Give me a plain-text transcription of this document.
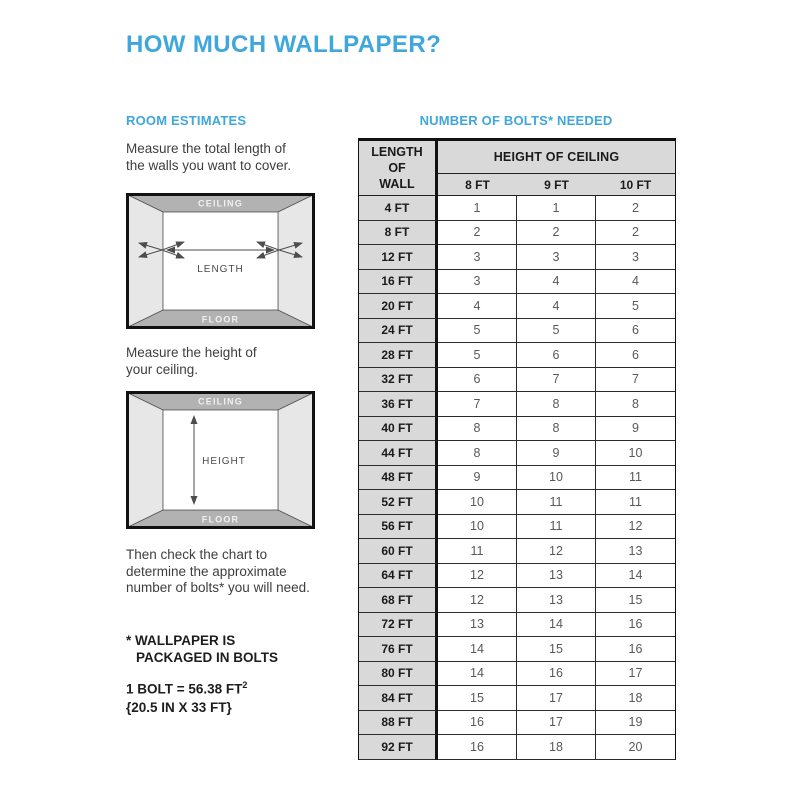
HOW MUCH WALLPAPER?
ROOM ESTIMATES
Measure the total length of
the walls you want to cover.
CEILING
FLOOR
LENGTH
Measure the height of
your ceiling.
CEILING
FLOOR
HEIGHT
Then check the chart to
determine the approximate
number of bolts* you will need.
* WALLPAPER IS
PACKAGED IN BOLTS
1 BOLT = 56.38 $FT^2$
{20.5 IN X 33 FT}
NUMBER OF BOLTS* NEEDED
LENGTH OF WALL
HEIGHT OF CEILING
8 FT	9 FT	10 FT
4 FT	1	1	2
8 FT	2	2	2
12 FT	3	3	3
16 FT	3	4	4
20 FT	4	4	5
24 FT	5	5	6
28 FT	5	6	6
32 FT	6	7	7
36 FT	7	8	8
40 FT	8	8	9
44 FT	8	9	10
48 FT	9	10	11
52 FT	10	11	11
56 FT	10	11	12
60 FT	11	12	13
64 FT	12	13	14
68 FT	12	13	15
72 FT	13	14	16
76 FT	14	15	16
80 FT	14	16	17
84 FT	15	17	18
88 FT	16	17	19
92 FT	16	18	20
